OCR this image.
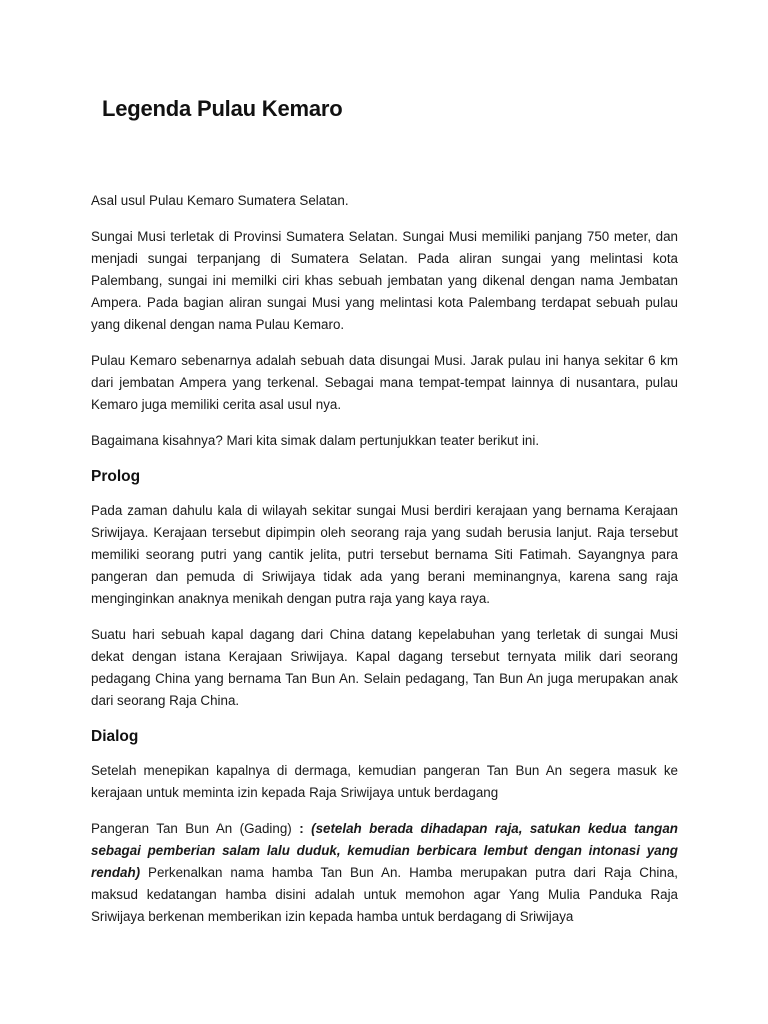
Legenda Pulau Kemaro

Asal usul Pulau Kemaro Sumatera Selatan.

Sungai Musi terletak di Provinsi Sumatera Selatan. Sungai Musi memiliki panjang 750 meter, dan menjadi sungai terpanjang di Sumatera Selatan. Pada aliran sungai yang melintasi kota Palembang, sungai ini memilki ciri khas sebuah jembatan yang dikenal dengan nama Jembatan Ampera. Pada bagian aliran sungai Musi yang melintasi kota Palembang terdapat sebuah pulau yang dikenal dengan nama Pulau Kemaro.

Pulau Kemaro sebenarnya adalah sebuah data disungai Musi. Jarak pulau ini hanya sekitar 6 km dari jembatan Ampera yang terkenal. Sebagai mana tempat-tempat lainnya di nusantara, pulau Kemaro juga memiliki cerita asal usul nya.

Bagaimana kisahnya? Mari kita simak dalam pertunjukkan teater berikut ini.

Prolog

Pada zaman dahulu kala di wilayah sekitar sungai Musi berdiri kerajaan yang bernama Kerajaan Sriwijaya. Kerajaan tersebut dipimpin oleh seorang raja yang sudah berusia lanjut. Raja tersebut memiliki seorang putri yang cantik jelita, putri tersebut bernama Siti Fatimah. Sayangnya para pangeran dan pemuda di Sriwijaya tidak ada yang berani meminangnya, karena sang raja menginginkan anaknya menikah dengan putra raja yang kaya raya.

Suatu hari sebuah kapal dagang dari China datang kepelabuhan yang terletak di sungai Musi dekat dengan istana Kerajaan Sriwijaya. Kapal dagang tersebut ternyata milik dari seorang pedagang China yang bernama Tan Bun An. Selain pedagang, Tan Bun An juga merupakan anak dari seorang Raja China.

Dialog

Setelah menepikan kapalnya di dermaga, kemudian pangeran Tan Bun An segera masuk ke kerajaan untuk meminta izin kepada Raja Sriwijaya untuk berdagang

Pangeran Tan Bun An (Gading) : (setelah berada dihadapan raja, satukan kedua tangan sebagai pemberian salam lalu duduk, kemudian berbicara lembut dengan intonasi yang rendah) Perkenalkan nama hamba Tan Bun An. Hamba merupakan putra dari Raja China, maksud kedatangan hamba disini adalah untuk memohon agar Yang Mulia Panduka Raja Sriwijaya berkenan memberikan izin kepada hamba untuk berdagang di Sriwijaya
